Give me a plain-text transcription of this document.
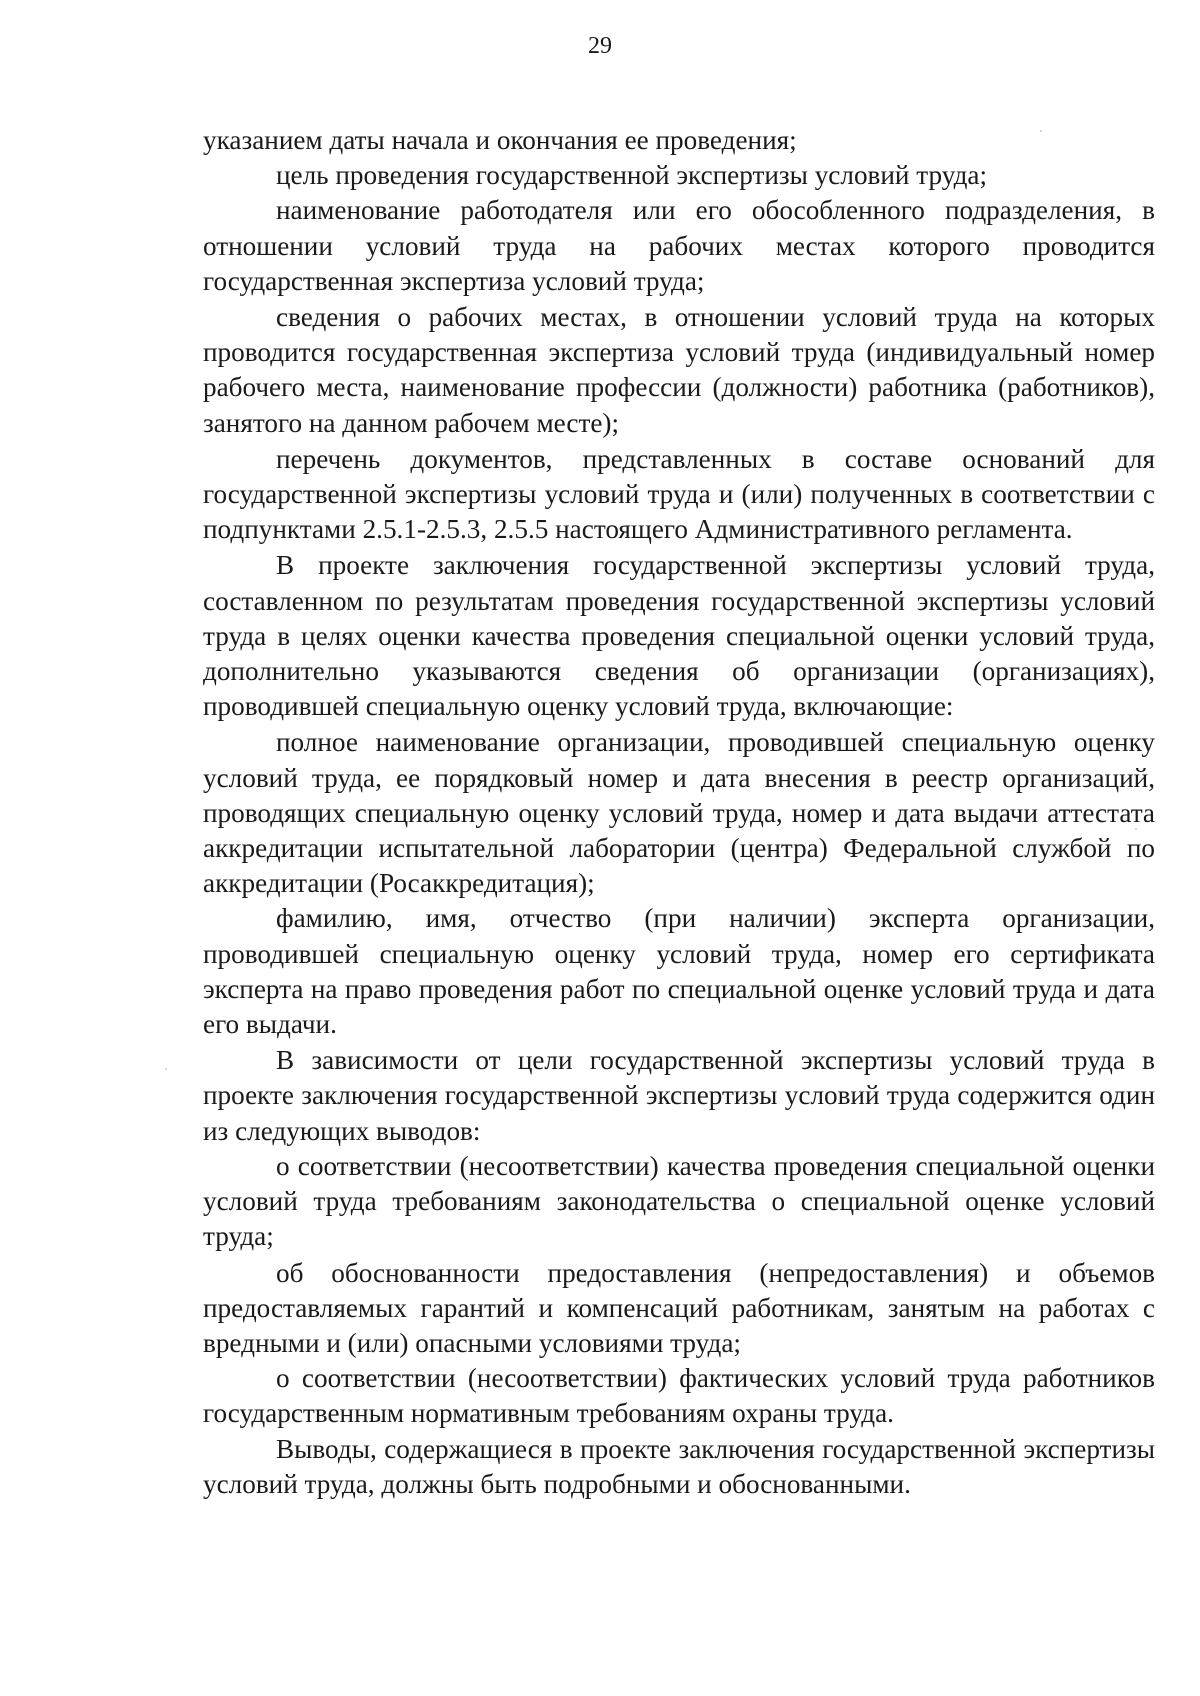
29

указанием даты начала и окончания ее проведения;

цель проведения государственной экспертизы условий труда;

наименование работодателя или его обособленного подразделения, в отношении условий труда на рабочих местах которого проводится государственная экспертиза условий труда;

сведения о рабочих местах, в отношении условий труда на которых проводится государственная экспертиза условий труда (индивидуальный номер рабочего места, наименование профессии (должности) работника (работников), занятого на данном рабочем месте);

перечень документов, представленных в составе оснований для государственной экспертизы условий труда и (или) полученных в соответствии с подпунктами 2.5.1-2.5.3, 2.5.5 настоящего Административного регламента.

В проекте заключения государственной экспертизы условий труда, составленном по результатам проведения государственной экспертизы условий труда в целях оценки качества проведения специальной оценки условий труда, дополнительно указываются сведения об организации (организациях), проводившей специальную оценку условий труда, включающие:

полное наименование организации, проводившей специальную оценку условий труда, ее порядковый номер и дата внесения в реестр организаций, проводящих специальную оценку условий труда, номер и дата выдачи аттестата аккредитации испытательной лаборатории (центра) Федеральной службой по аккредитации (Росаккредитация);

фамилию, имя, отчество (при наличии) эксперта организации, проводившей специальную оценку условий труда, номер его сертификата эксперта на право проведения работ по специальной оценке условий труда и дата его выдачи.

В зависимости от цели государственной экспертизы условий труда в проекте заключения государственной экспертизы условий труда содержится один из следующих выводов:

о соответствии (несоответствии) качества проведения специальной оценки условий труда требованиям законодательства о специальной оценке условий труда;

об обоснованности предоставления (непредоставления) и объемов предоставляемых гарантий и компенсаций работникам, занятым на работах с вредными и (или) опасными условиями труда;

о соответствии (несоответствии) фактических условий труда работников государственным нормативным требованиям охраны труда.

Выводы, содержащиеся в проекте заключения государственной экспертизы условий труда, должны быть подробными и обоснованными.
